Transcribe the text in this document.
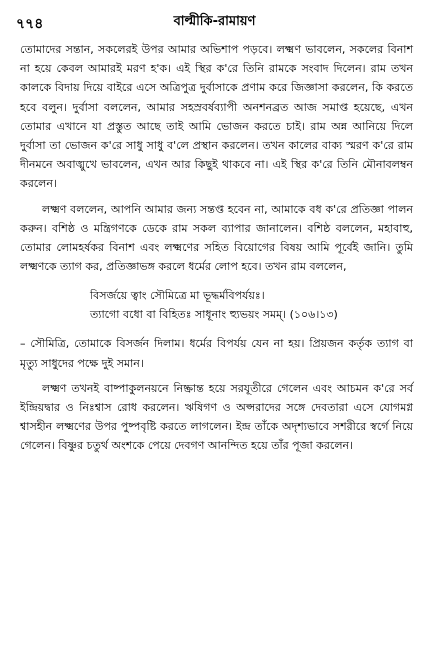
৭৭৪	বাল্মীকি-রামায়ণ

তোমাদের সন্তান, সকলেরই উপর আমার অভিশাপ পড়বে। লক্ষ্মণ ভাবলেন, সকলের বিনাশ না হয়ে কেবল আমারই মরণ হ'ক। এই স্থির ক'রে তিনি রামকে সংবাদ দিলেন। রাম তখন কালকে বিদায় দিয়ে বাইরে এসে অত্রিপুত্র দুর্বাসাকে প্রণাম করে জিজ্ঞাসা করলেন, কি করতে হবে বলুন। দুর্বাসা বললেন, আমার সহস্রবর্ষব্যাপী অনশনব্রত আজ সমাপ্ত হয়েছে, এখন তোমার এখানে যা প্রস্তুত আছে তাই আমি ভোজন করতে চাই। রাম অন্ন আনিয়ে দিলে দুর্বাসা তা ভোজন ক'রে সাধু সাধু ব'লে প্রস্থান করলেন। তখন কালের বাক্য স্মরণ ক'রে রাম দীনমনে অবাঙ্মুখে ভাবলেন, এখন আর কিছুই থাকবে না। এই স্থির ক'রে তিনি মৌনাবলম্বন করলেন।

লক্ষ্মণ বললেন, আপনি আমার জন্য সন্তপ্ত হবেন না, আমাকে বধ ক'রে প্রতিজ্ঞা পালন করুন। বশিষ্ঠ ও মন্ত্রিগণকে ডেকে রাম সকল ব্যাপার জানালেন। বশিষ্ঠ বললেন, মহাবাহু, তোমার লোমহর্ষকর বিনাশ এবং লক্ষ্মণের সহিত বিয়োগের বিষয় আমি পূর্বেই জানি। তুমি লক্ষ্মণকে ত্যাগ কর, প্রতিজ্ঞাভঙ্গ করলে ধর্মের লোপ হবে। তখন রাম বললেন,

বিসর্জয়ে ত্বাং সৌমিত্রে মা ভূদ্ধর্মবিপর্যয়ঃ।
ত্যাগো বধো বা বিহিতঃ সাধূনাং হ্যুভয়ং সমম্। (১০৬।১৩)

– সৌমিত্রি, তোমাকে বিসর্জন দিলাম। ধর্মের বিপর্যয় যেন না হয়। প্রিয়জন কর্তৃক ত্যাগ বা মৃত্যু সাধুদের পক্ষে দুই সমান।

লক্ষ্মণ তখনই বাষ্পাকুলনয়নে নিষ্ক্রান্ত হয়ে সরযূতীরে গেলেন এবং আচমন ক'রে সর্ব ইন্দ্রিয়দ্বার ও নিঃশ্বাস রোধ করলেন। ঋষিগণ ও অপ্সরাদের সঙ্গে দেবতারা এসে যোগমগ্ন শ্বাসহীন লক্ষ্মণের উপর পুষ্পবৃষ্টি করতে লাগলেন। ইন্দ্র তাঁকে অদৃশ্যভাবে সশরীরে স্বর্গে নিয়ে গেলেন। বিষ্ণুর চতুর্থ অংশকে পেয়ে দেবগণ আনন্দিত হয়ে তাঁর পূজা করলেন।
